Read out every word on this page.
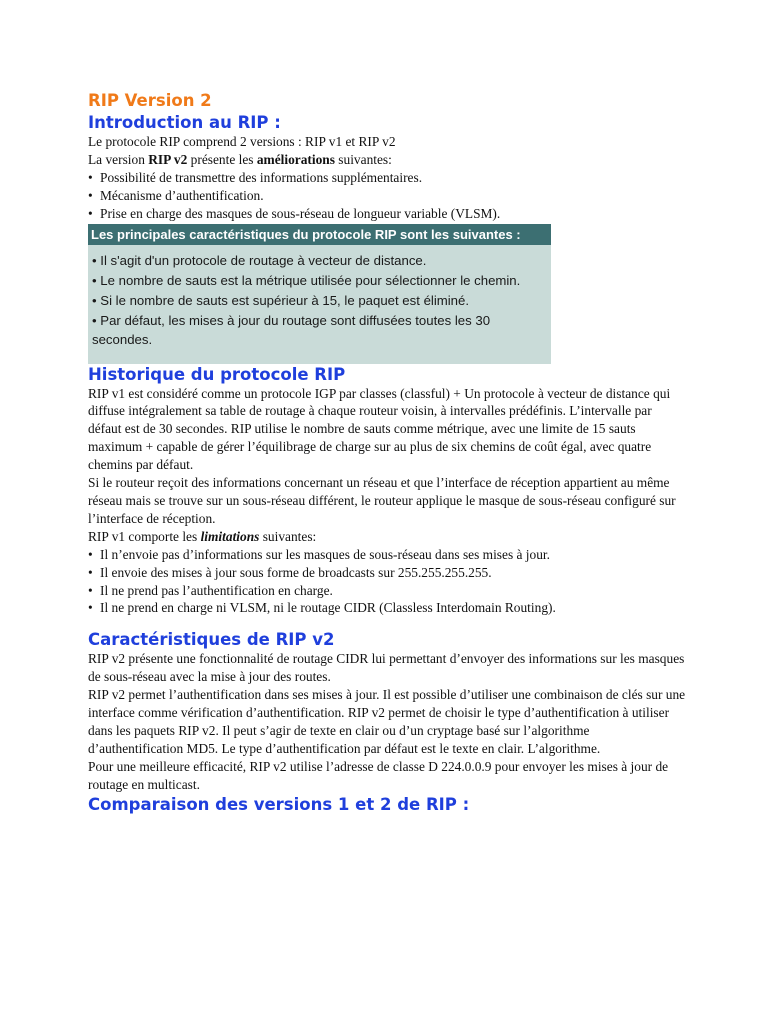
RIP Version 2
Introduction au RIP :

Le protocole RIP comprend 2 versions : RIP v1 et RIP v2

La version RIP v2 présente les améliorations suivantes:

• Possibilité de transmettre des informations supplémentaires.
• Mécanisme d’authentification.
• Prise en charge des masques de sous-réseau de longueur variable (VLSM).
Les principales caractéristiques du protocole RIP sont les suivantes :
• Il s'agit d'un protocole de routage à vecteur de distance.
• Le nombre de sauts est la métrique utilisée pour sélectionner le chemin.
• Si le nombre de sauts est supérieur à 15, le paquet est éliminé.
• Par défaut, les mises à jour du routage sont diffusées toutes les 30 secondes.
Historique du protocole RIP

RIP v1 est considéré comme un protocole IGP par classes (classful) + Un protocole à vecteur de distance qui diffuse intégralement sa table de routage à chaque routeur voisin, à intervalles prédéfinis. L’intervalle par défaut est de 30 secondes. RIP utilise le nombre de sauts comme métrique, avec une limite de 15 sauts maximum + capable de gérer l’équilibrage de charge sur au plus de six chemins de coût égal, avec quatre chemins par défaut.

Si le routeur reçoit des informations concernant un réseau et que l’interface de réception appartient au même réseau mais se trouve sur un sous-réseau différent, le routeur applique le masque de sous-réseau configuré sur l’interface de réception.

RIP v1 comporte les limitations suivantes:

• Il n’envoie pas d’informations sur les masques de sous-réseau dans ses mises à jour.
• Il envoie des mises à jour sous forme de broadcasts sur 255.255.255.255.
• Il ne prend pas l’authentification en charge.
• Il ne prend en charge ni VLSM, ni le routage CIDR (Classless Interdomain Routing).
Caractéristiques de RIP v2

RIP v2 présente une fonctionnalité de routage CIDR lui permettant d’envoyer des informations sur les masques de sous-réseau avec la mise à jour des routes.

RIP v2 permet l’authentification dans ses mises à jour. Il est possible d’utiliser une combinaison de clés sur une interface comme vérification d’authentification. RIP v2 permet de choisir le type d’authentification à utiliser dans les paquets RIP v2. Il peut s’agir de texte en clair ou d’un cryptage basé sur l’algorithme d’authentification MD5. Le type d’authentification par défaut est le texte en clair. L’algorithme.

Pour une meilleure efficacité, RIP v2 utilise l’adresse de classe D 224.0.0.9 pour envoyer les mises à jour de routage en multicast.

Comparaison des versions 1 et 2 de RIP :
